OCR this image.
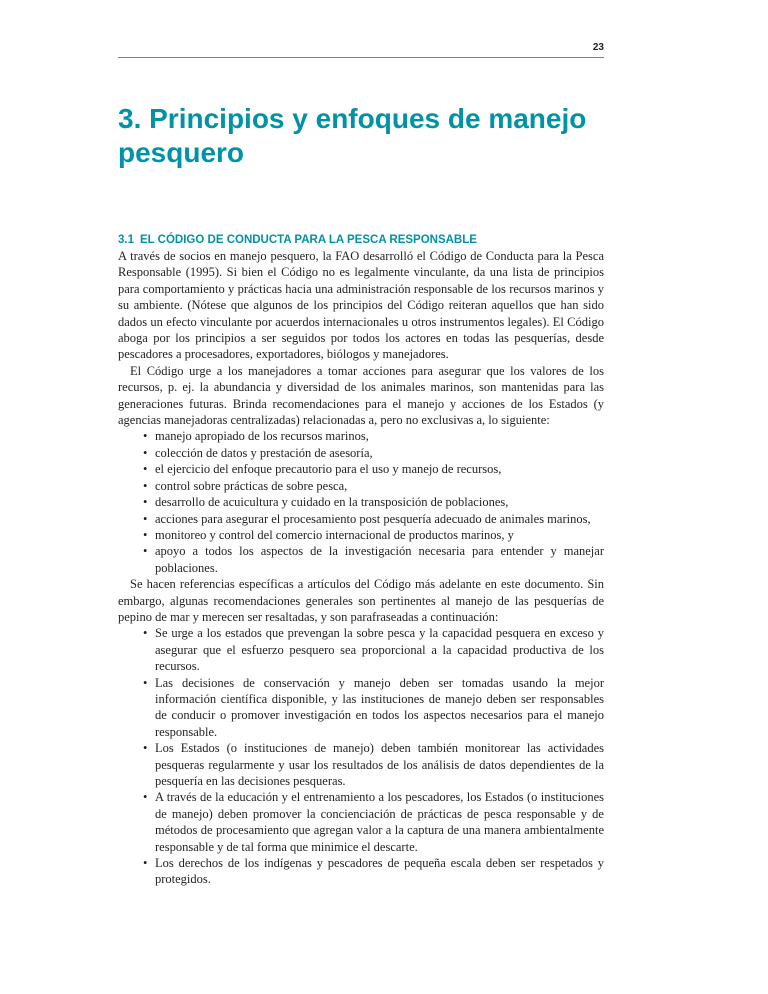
23
3. Principios y enfoques de manejo pesquero
3.1 EL CÓDIGO DE CONDUCTA PARA LA PESCA RESPONSABLE

A través de socios en manejo pesquero, la FAO desarrolló el Código de Conducta para la Pesca Responsable (1995). Si bien el Código no es legalmente vinculante, da una lista de principios para comportamiento y prácticas hacia una administración responsable de los recursos marinos y su ambiente. (Nótese que algunos de los principios del Código reiteran aquellos que han sido dados un efecto vinculante por acuerdos internacionales u otros instrumentos legales). El Código aboga por los principios a ser seguidos por todos los actores en todas las pesquerías, desde pescadores a procesadores, exportadores, biólogos y manejadores.

El Código urge a los manejadores a tomar acciones para asegurar que los valores de los recursos, p. ej. la abundancia y diversidad de los animales marinos, son mantenidas para las generaciones futuras. Brinda recomendaciones para el manejo y acciones de los Estados (y agencias manejadoras centralizadas) relacionadas a, pero no exclusivas a, lo siguiente:

• manejo apropiado de los recursos marinos,
• colección de datos y prestación de asesoría,
• el ejercicio del enfoque precautorio para el uso y manejo de recursos,
• control sobre prácticas de sobre pesca,
• desarrollo de acuicultura y cuidado en la transposición de poblaciones,
• acciones para asegurar el procesamiento post pesquería adecuado de animales marinos,
• monitoreo y control del comercio internacional de productos marinos, y
• apoyo a todos los aspectos de la investigación necesaria para entender y manejar poblaciones.

Se hacen referencias específicas a artículos del Código más adelante en este documento. Sin embargo, algunas recomendaciones generales son pertinentes al manejo de las pesquerías de pepino de mar y merecen ser resaltadas, y son parafraseadas a continuación:

• Se urge a los estados que prevengan la sobre pesca y la capacidad pesquera en exceso y asegurar que el esfuerzo pesquero sea proporcional a la capacidad productiva de los recursos.
• Las decisiones de conservación y manejo deben ser tomadas usando la mejor información científica disponible, y las instituciones de manejo deben ser responsables de conducir o promover investigación en todos los aspectos necesarios para el manejo responsable.
• Los Estados (o instituciones de manejo) deben también monitorear las actividades pesqueras regularmente y usar los resultados de los análisis de datos dependientes de la pesquería en las decisiones pesqueras.
• A través de la educación y el entrenamiento a los pescadores, los Estados (o instituciones de manejo) deben promover la concienciación de prácticas de pesca responsable y de métodos de procesamiento que agregan valor a la captura de una manera ambientalmente responsable y de tal forma que minimice el descarte.
• Los derechos de los indígenas y pescadores de pequeña escala deben ser respetados y protegidos.
